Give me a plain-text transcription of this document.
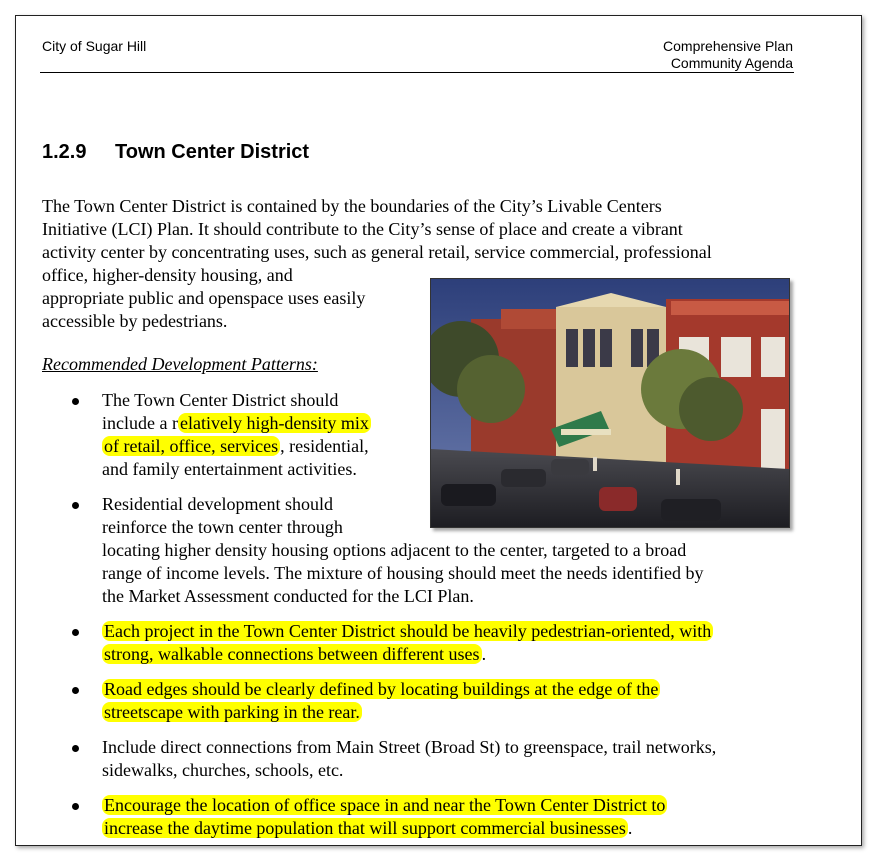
City of Sugar Hill	Comprehensive Plan
Community Agenda
1.2.9 Town Center District

The Town Center District is contained by the boundaries of the City’s Livable Centers

Initiative (LCI) Plan. It should contribute to the City’s sense of place and create a vibrant

activity center by concentrating uses, such as general retail, service commercial, professional

office, higher-density housing, and

appropriate public and openspace uses easily

accessible by pedestrians.

Recommended Development Patterns:
The Town Center District should
include a r elatively high-density mix
of retail, office, services , residential,
and family entertainment activities.
Residential development should
reinforce the town center through
locating higher density housing options adjacent to the center, targeted to a broad
range of income levels. The mixture of housing should meet the needs identified by
the Market Assessment conducted for the LCI Plan.
Each project in the Town Center District should be heavily pedestrian-oriented, with
strong, walkable connections between different uses .
Road edges should be clearly defined by locating buildings at the edge of the
streetscape with parking in the rear.
Include direct connections from Main Street (Broad St) to greenspace, trail networks,
sidewalks, churches, schools, etc.
Encourage the location of office space in and near the Town Center District to
increase the daytime population that will support commercial businesses .
